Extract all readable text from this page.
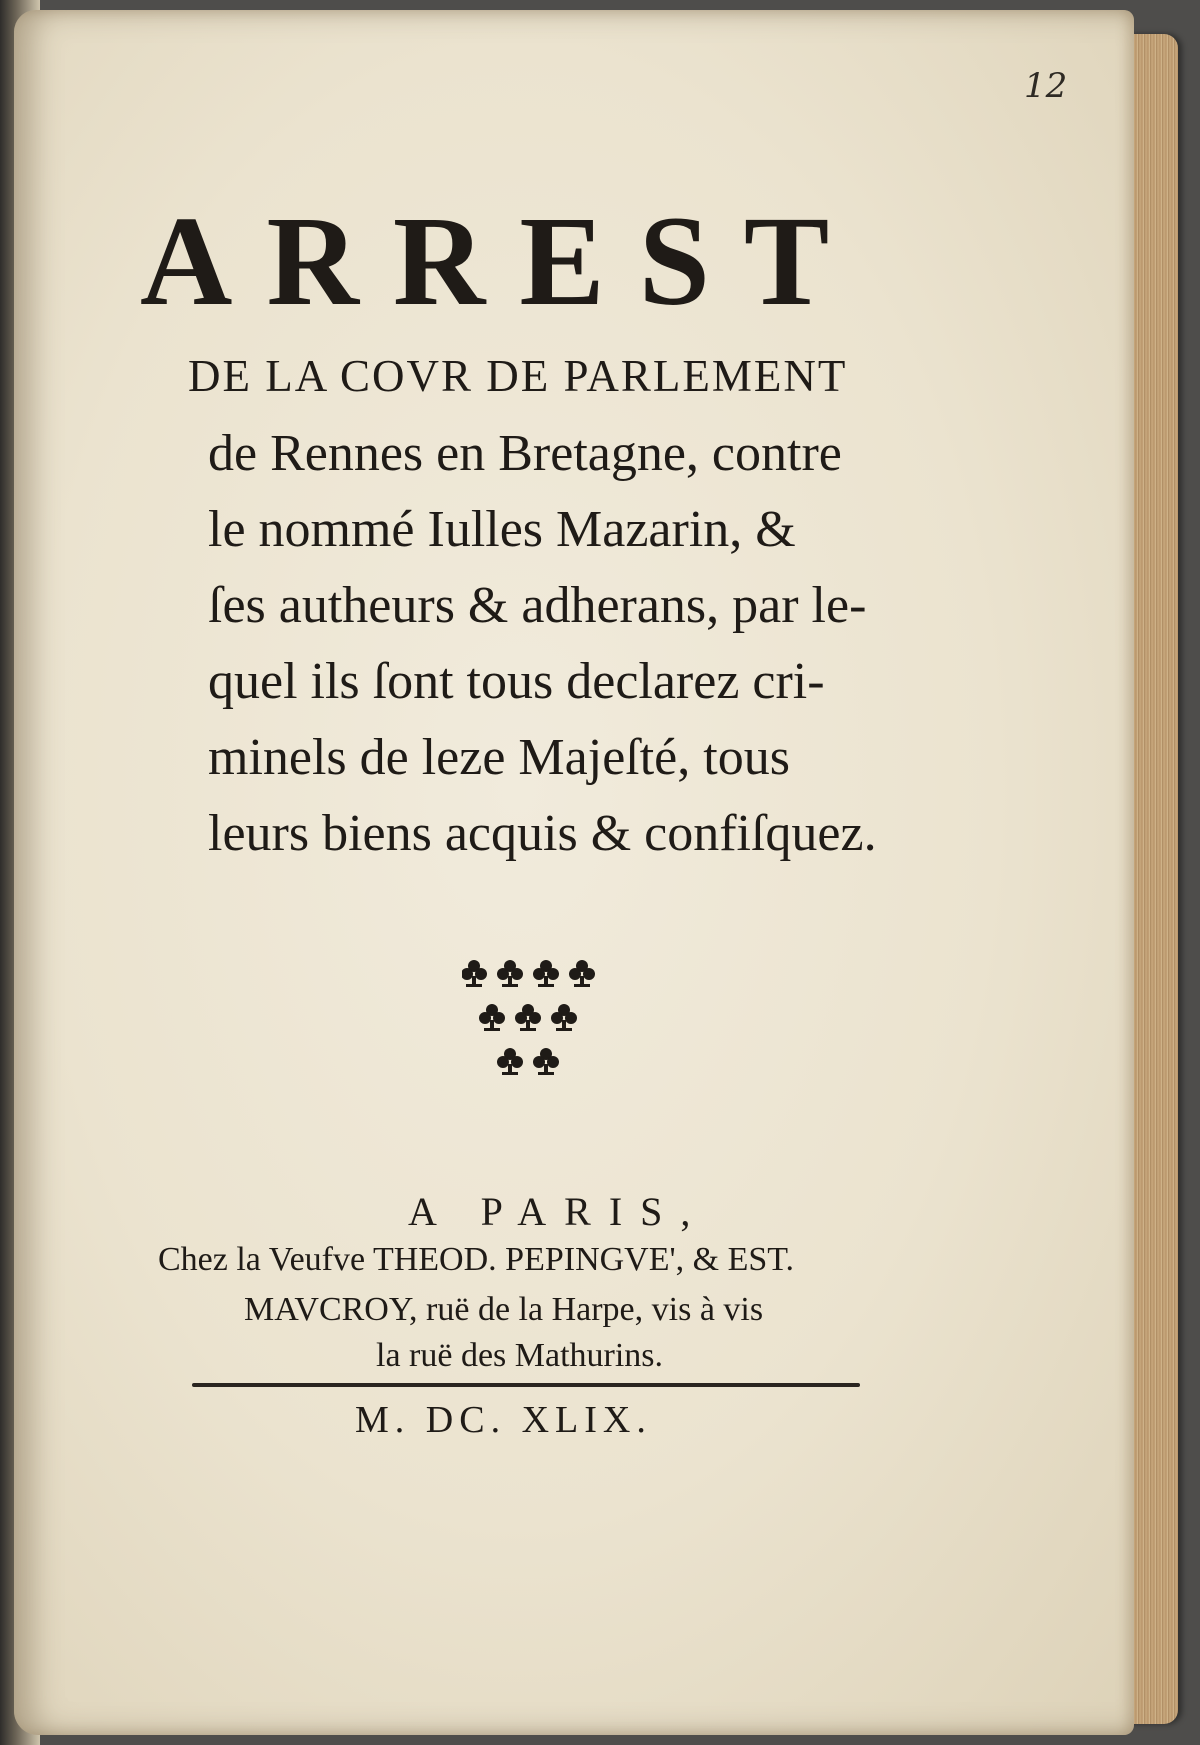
12
ARREST
DE LA COVR DE PARLEMENT
de Rennes en Bretagne, contre
le nommé Iulles Mazarin, &
ſes autheurs & adherans, par le-
quel ils ſont tous declarez cri-
minels de leze Majeſté, tous
leurs biens acquis & confiſquez.
A PARIS,
Chez la Veufve THEOD. PEPINGVE', & EST.
MAVCROY, ruë de la Harpe, vis à vis
la ruë des Mathurins.
M. DC. XLIX.
